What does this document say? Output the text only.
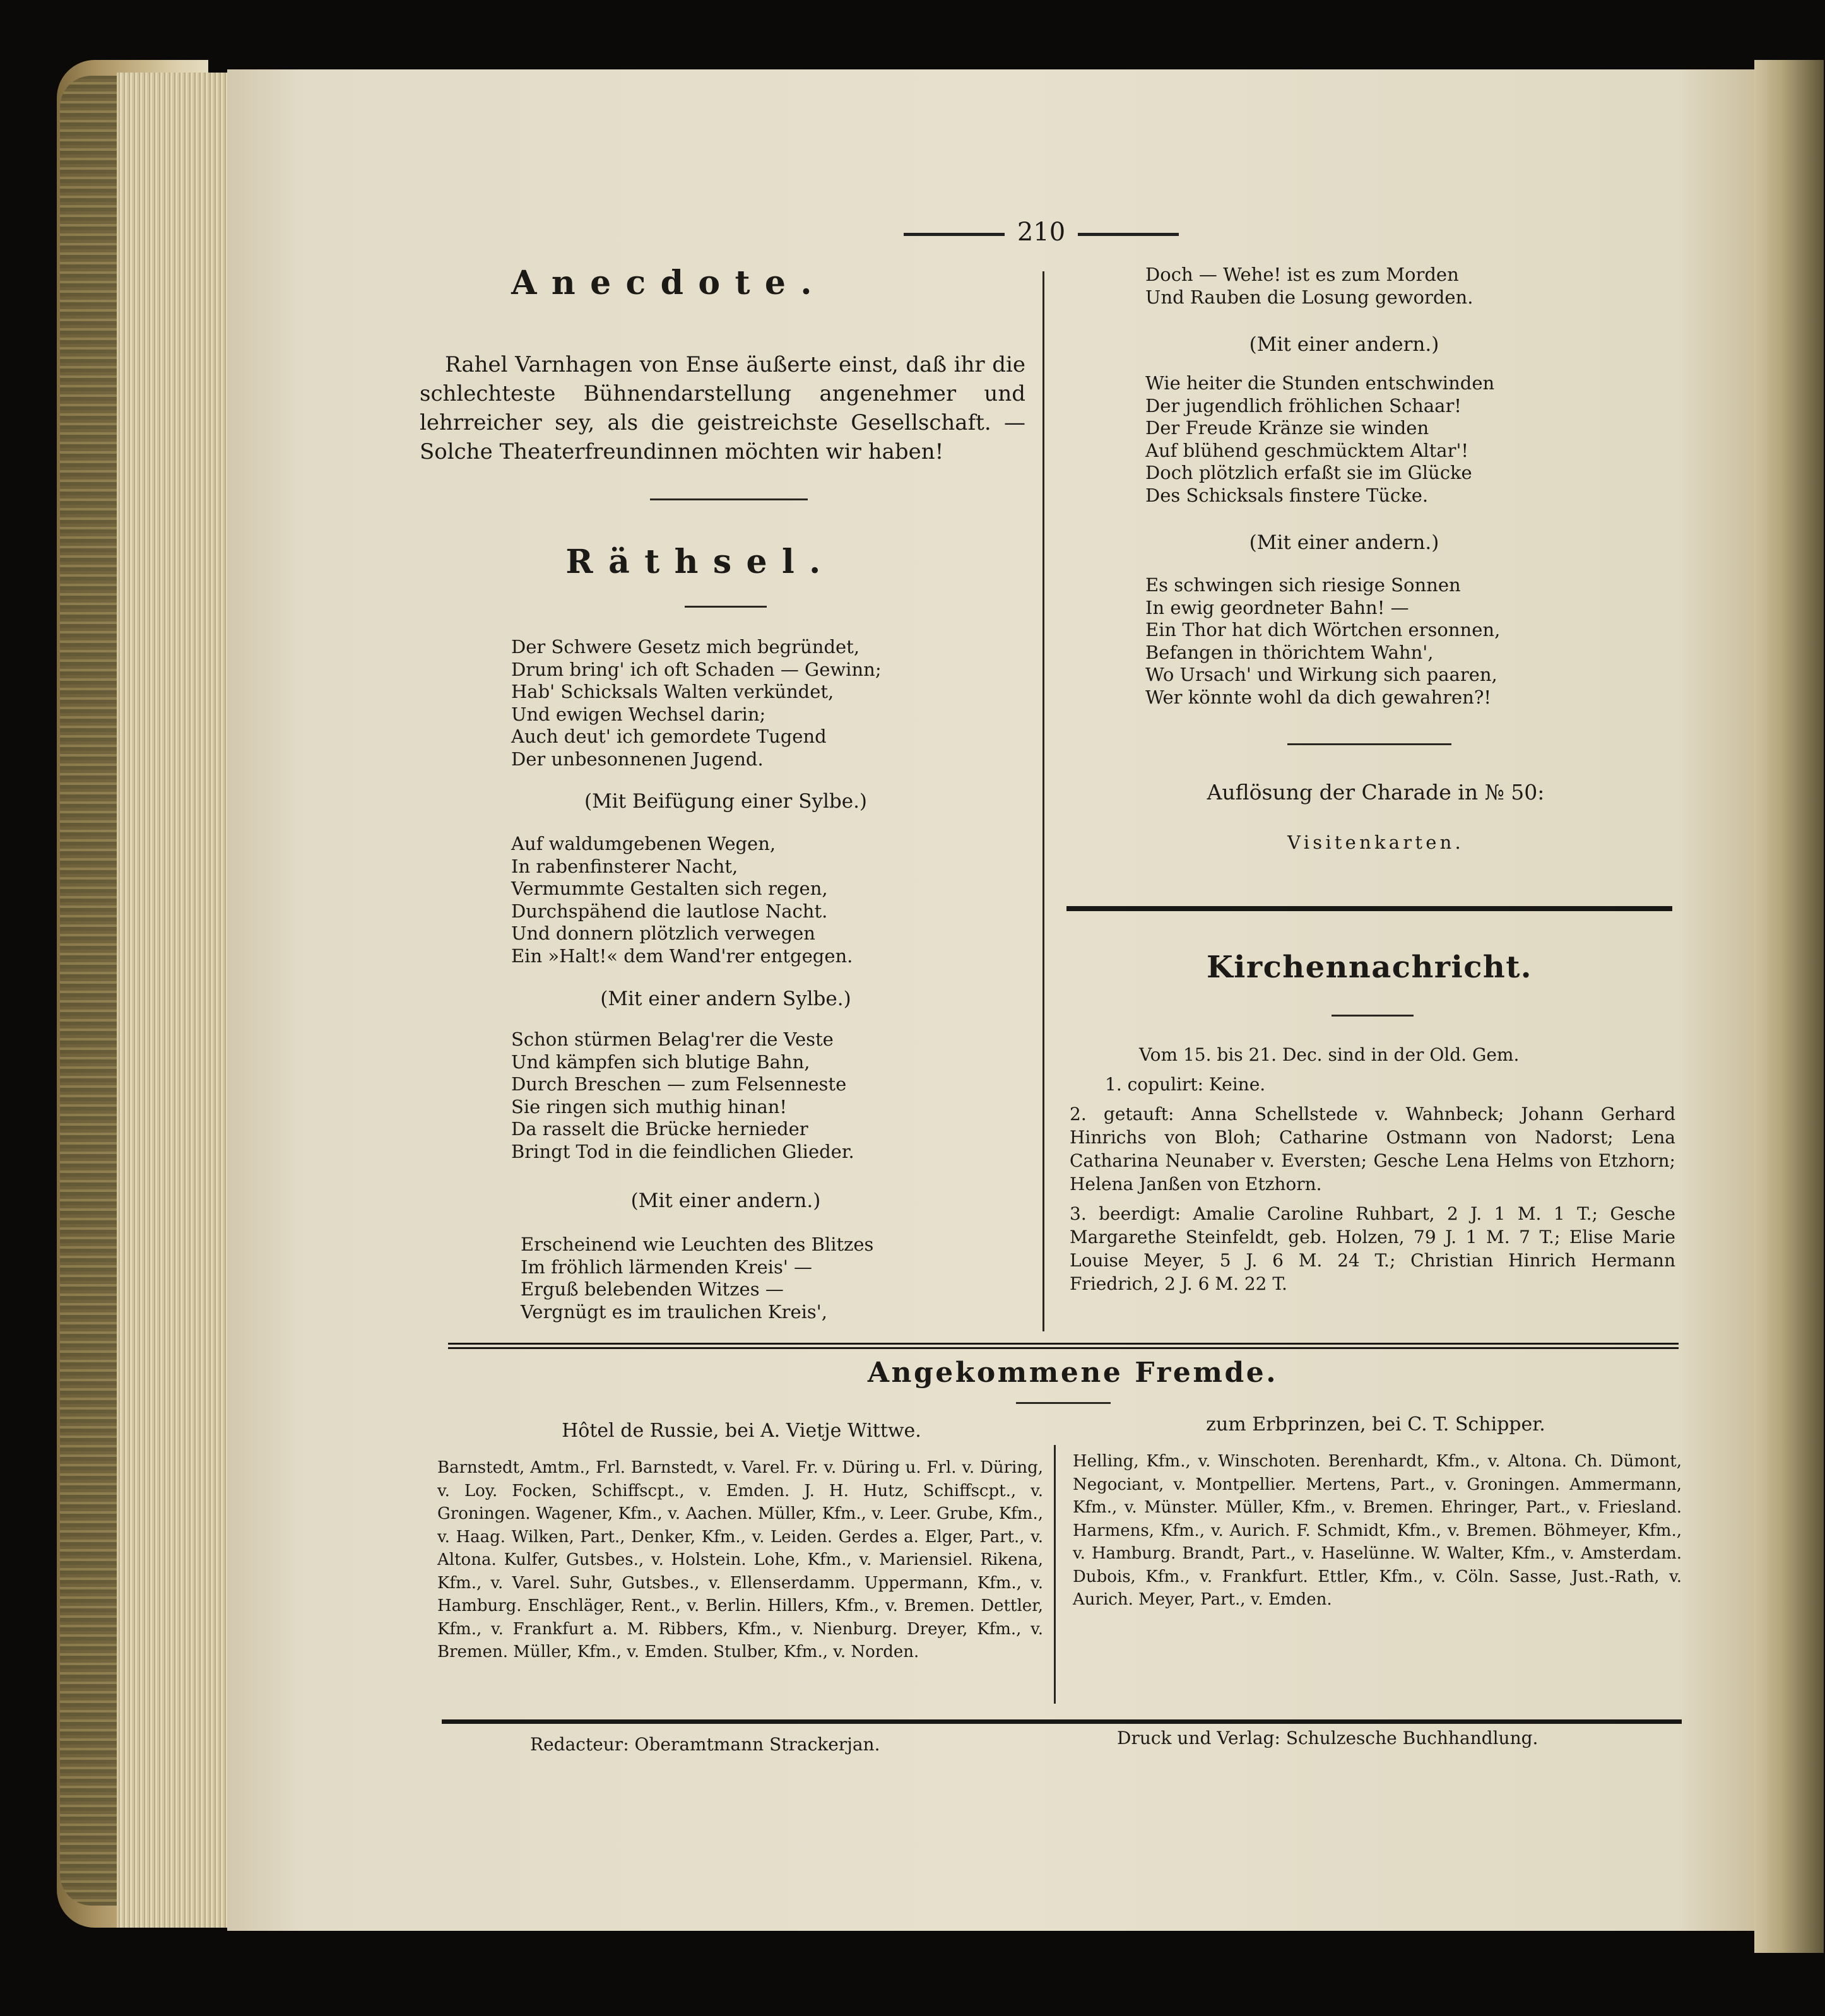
210
Anecdote.
Rahel Varnhagen von Ense äußerte einst, daß ihr die schlechteste Bühnendarstellung angenehmer und lehrreicher sey, als die geistreichste Gesellschaft. — Solche Theaterfreundinnen möchten wir haben!
Räthsel.
Der Schwere Gesetz mich begründet,
Drum bring' ich oft Schaden — Gewinn;
Hab' Schicksals Walten verkündet,
Und ewigen Wechsel darin;
Auch deut' ich gemordete Tugend
Der unbesonnenen Jugend.
(Mit Beifügung einer Sylbe.)
Auf waldumgebenen Wegen,
In rabenfinsterer Nacht,
Vermummte Gestalten sich regen,
Durchspähend die lautlose Nacht.
Und donnern plötzlich verwegen
Ein »Halt!« dem Wand'rer entgegen.
(Mit einer andern Sylbe.)
Schon stürmen Belag'rer die Veste
Und kämpfen sich blutige Bahn,
Durch Breschen — zum Felsenneste
Sie ringen sich muthig hinan!
Da rasselt die Brücke hernieder
Bringt Tod in die feindlichen Glieder.
(Mit einer andern.)
Erscheinend wie Leuchten des Blitzes
Im fröhlich lärmenden Kreis' —
Erguß belebenden Witzes —
Vergnügt es im traulichen Kreis',
Doch — Wehe! ist es zum Morden
Und Rauben die Losung geworden.
(Mit einer andern.)
Wie heiter die Stunden entschwinden
Der jugendlich fröhlichen Schaar!
Der Freude Kränze sie winden
Auf blühend geschmücktem Altar'!
Doch plötzlich erfaßt sie im Glücke
Des Schicksals finstere Tücke.
(Mit einer andern.)
Es schwingen sich riesige Sonnen
In ewig geordneter Bahn! —
Ein Thor hat dich Wörtchen ersonnen,
Befangen in thörichtem Wahn',
Wo Ursach' und Wirkung sich paaren,
Wer könnte wohl da dich gewahren?!
Auflösung der Charade in № 50:
Visitenkarten.
Kirchennachricht.

Vom 15. bis 21. Dec. sind in der Old. Gem.

1. copulirt: Keine.

2. getauft: Anna Schellstede v. Wahnbeck; Johann Gerhard Hinrichs von Bloh; Catharine Ostmann von Nadorst; Lena Catharina Neunaber v. Eversten; Gesche Lena Helms von Etzhorn; Helena Janßen von Etzhorn.

3. beerdigt: Amalie Caroline Ruhbart, 2 J. 1 M. 1 T.; Gesche Margarethe Steinfeldt, geb. Holzen, 79 J. 1 M. 7 T.; Elise Marie Louise Meyer, 5 J. 6 M. 24 T.; Christian Hinrich Hermann Friedrich, 2 J. 6 M. 22 T.

Angekommene Fremde.
Hôtel de Russie, bei A. Vietje Wittwe.
Barnstedt, Amtm., Frl. Barnstedt, v. Varel. Fr. v. Düring u. Frl. v. Düring, v. Loy. Focken, Schiffscpt., v. Emden. J. H. Hutz, Schiffscpt., v. Groningen. Wagener, Kfm., v. Aachen. Müller, Kfm., v. Leer. Grube, Kfm., v. Haag. Wilken, Part., Denker, Kfm., v. Leiden. Gerdes a. Elger, Part., v. Altona. Kulfer, Gutsbes., v. Holstein. Lohe, Kfm., v. Mariensiel. Rikena, Kfm., v. Varel. Suhr, Gutsbes., v. Ellenserdamm. Uppermann, Kfm., v. Hamburg. Enschläger, Rent., v. Berlin. Hillers, Kfm., v. Bremen. Dettler, Kfm., v. Frankfurt a. M. Ribbers, Kfm., v. Nienburg. Dreyer, Kfm., v. Bremen. Müller, Kfm., v. Emden. Stulber, Kfm., v. Norden.
zum Erbprinzen, bei C. T. Schipper.
Helling, Kfm., v. Winschoten. Berenhardt, Kfm., v. Altona. Ch. Dümont, Negociant, v. Montpellier. Mertens, Part., v. Groningen. Ammermann, Kfm., v. Münster. Müller, Kfm., v. Bremen. Ehringer, Part., v. Friesland. Harmens, Kfm., v. Aurich. F. Schmidt, Kfm., v. Bremen. Böhmeyer, Kfm., v. Hamburg. Brandt, Part., v. Haselünne. W. Walter, Kfm., v. Amsterdam. Dubois, Kfm., v. Frankfurt. Ettler, Kfm., v. Cöln. Sasse, Just.-Rath, v. Aurich. Meyer, Part., v. Emden.
Redacteur: Oberamtmann Strackerjan.	Druck und Verlag: Schulzesche Buchhandlung.
